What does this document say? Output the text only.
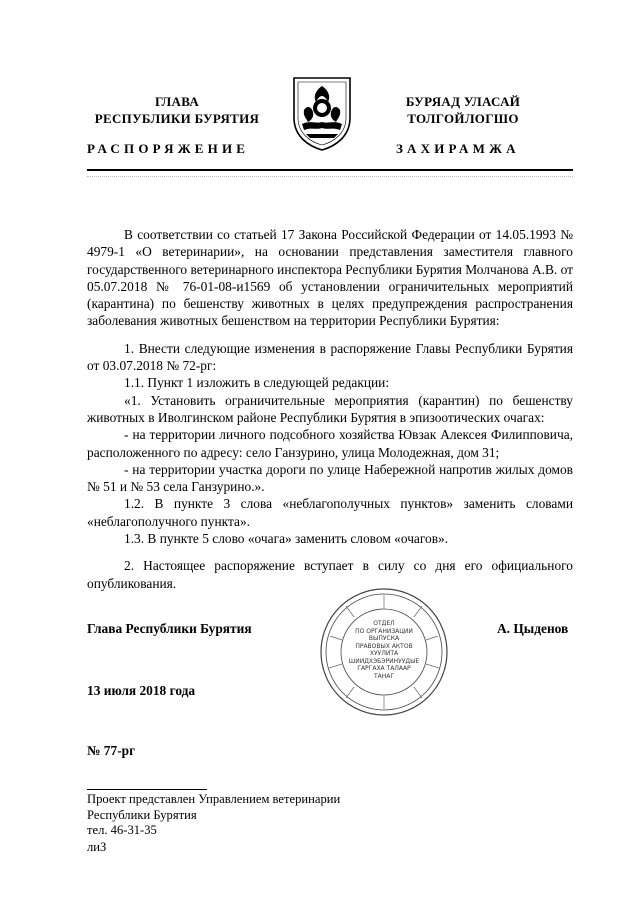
ГЛАВА
РЕСПУБЛИКИ БУРЯТИЯ
БУРЯАД УЛАСАЙ
ТОЛГОЙЛОГШО
РАСПОРЯЖЕНИЕ	ЗАХИРАМЖА

В соответствии со статьей 17 Закона Российской Федерации от 14.05.1993 № 4979-1 «О ветеринарии», на основании представления заместителя главного государственного ветеринарного инспектора Республики Бурятия Молчанова А.В. от 05.07.2018 № 76-01-08-и1569 об установлении ограничительных мероприятий (карантина) по бешенству животных в целях предупреждения распространения заболевания животных бешенством на территории Республики Бурятия:

1. Внести следующие изменения в распоряжение Главы Республики Бурятия от 03.07.2018 № 72-рг:

1.1. Пункт 1 изложить в следующей редакции:

«1. Установить ограничительные мероприятия (карантин) по бешенству животных в Иволгинском районе Республики Бурятия в эпизоотических очагах:

- на территории личного подсобного хозяйства Ювзак Алексея Филипповича, расположенного по адресу: село Гaнзурино, улица Молодежная, дом 31;

- на территории участка дороги по улице Набережной напротив жилых домов № 51 и № 53 села Ганзурино.».

1.2. В пункте 3 слова «неблагополучных пунктов» заменить словами «неблагополучного пункта».

1.3. В пункте 5 слово «очага» заменить словом «очагов».

2. Настоящее распоряжение вступает в силу со дня его официального опубликования.

Глава Республики Бурятия	А. Цыденов
ОТДЕЛ
ПО ОРГАНИЗАЦИИ
ВЫПУСКА
ПРАВОВЫХ АКТОВ
ХУУЛИТА
ШИИДХЭБЭРИНУУДЫЕ
ГАРГАХА ТАЛААР
ТАНАГ
13 июля 2018 года
№ 77-рг
Проект представлен Управлением ветеринарии
Республики Бурятия
тел. 46-31-35
лиЗ
